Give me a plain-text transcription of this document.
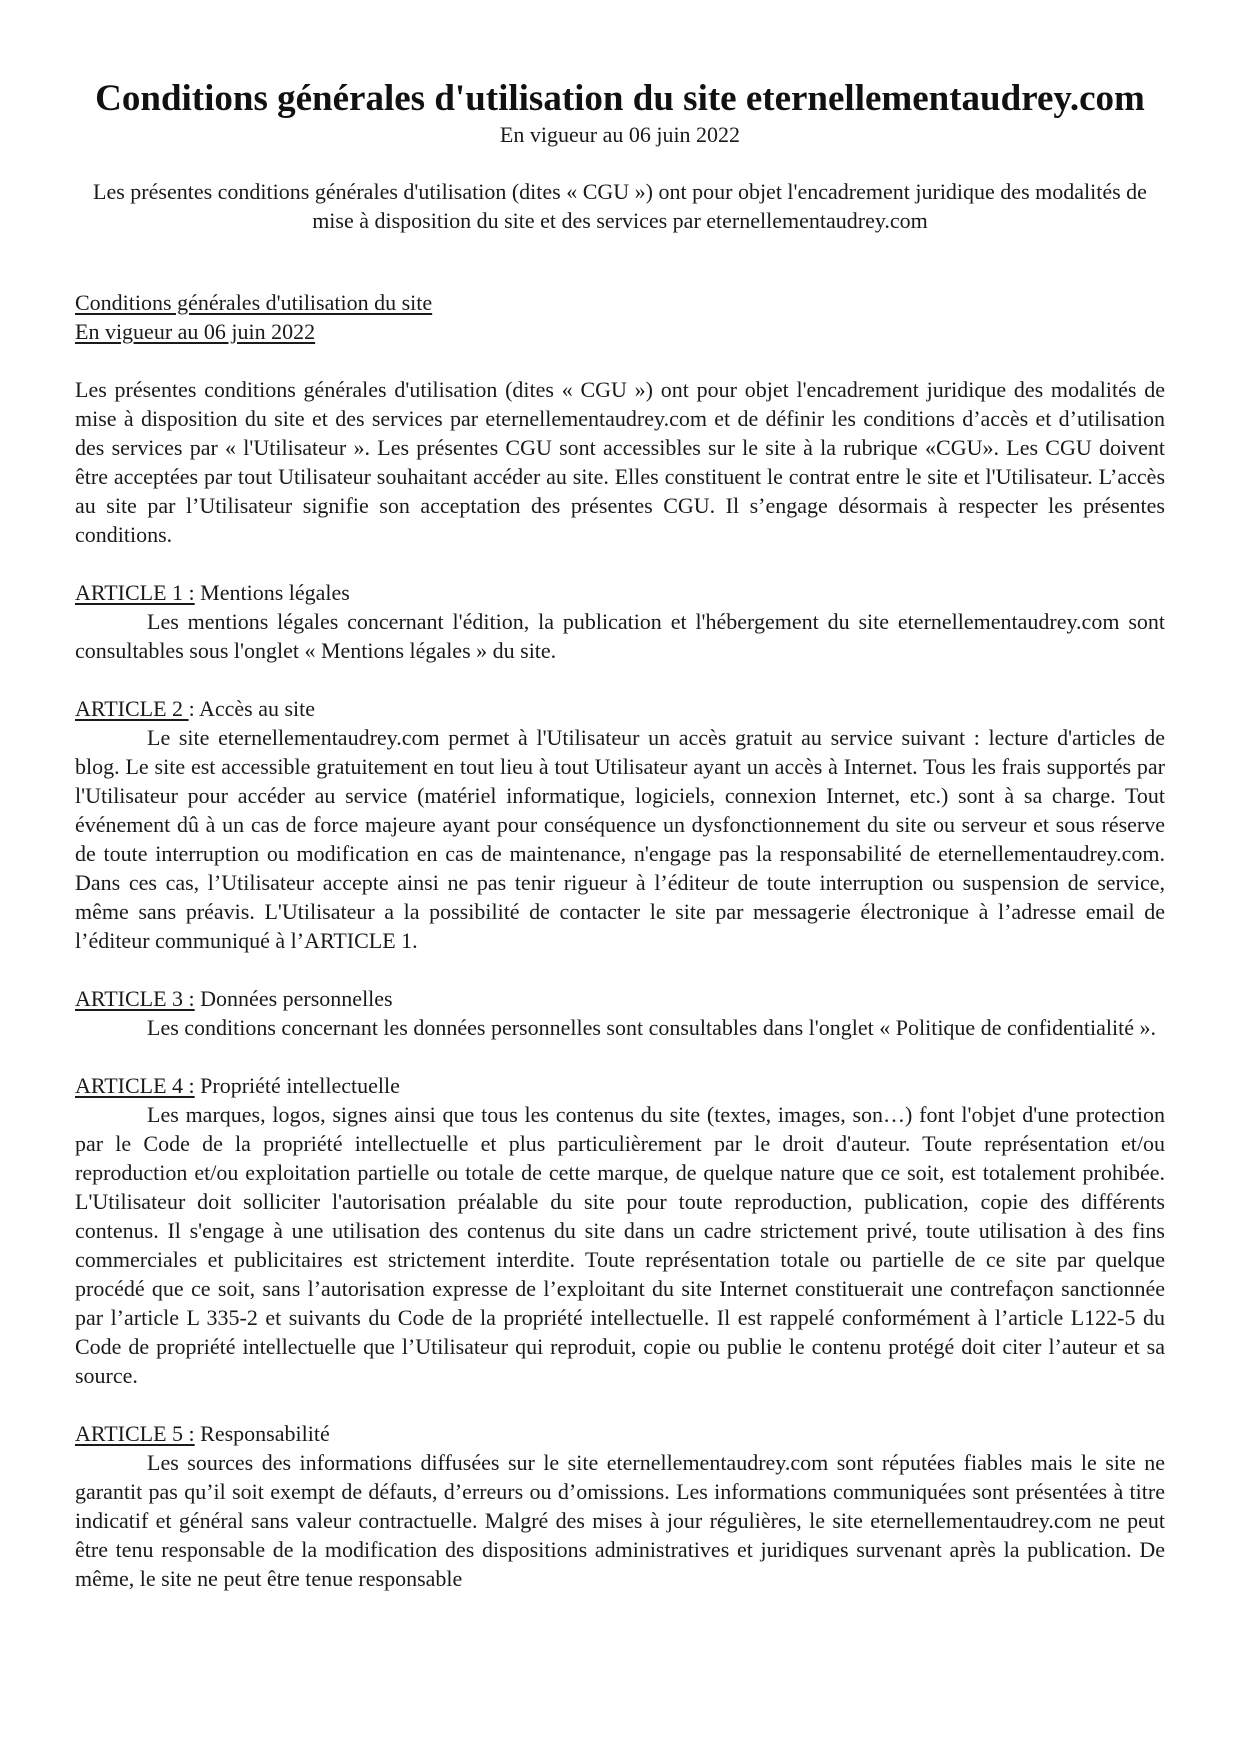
Conditions générales d'utilisation du site eternellementaudrey.com

En vigueur au 06 juin 2022

Les présentes conditions générales d'utilisation (dites « CGU ») ont pour objet l'encadrement juridique des modalités de mise à disposition du site et des services par eternellementaudrey.com

Conditions générales d'utilisation du site
En vigueur au 06 juin 2022

Les présentes conditions générales d'utilisation (dites « CGU ») ont pour objet l'encadrement juridique des modalités de mise à disposition du site et des services par eternellementaudrey.com et de définir les conditions d’accès et d’utilisation des services par « l'Utilisateur ». Les présentes CGU sont accessibles sur le site à la rubrique «CGU». Les CGU doivent être acceptées par tout Utilisateur souhaitant accéder au site. Elles constituent le contrat entre le site et l'Utilisateur. L’accès au site par l’Utilisateur signifie son acceptation des présentes CGU. Il s’engage désormais à respecter les présentes conditions.

ARTICLE 1 : Mentions légales
Les mentions légales concernant l'édition, la publication et l'hébergement du site eternellementaudrey.com sont consultables sous l'onglet « Mentions légales » du site.
ARTICLE 2 : Accès au site
Le site eternellementaudrey.com permet à l'Utilisateur un accès gratuit au service suivant : lecture d'articles de blog. Le site est accessible gratuitement en tout lieu à tout Utilisateur ayant un accès à Internet. Tous les frais supportés par l'Utilisateur pour accéder au service (matériel informatique, logiciels, connexion Internet, etc.) sont à sa charge. Tout événement dû à un cas de force majeure ayant pour conséquence un dysfonctionnement du site ou serveur et sous réserve de toute interruption ou modification en cas de maintenance, n'engage pas la responsabilité de eternellementaudrey.com. Dans ces cas, l’Utilisateur accepte ainsi ne pas tenir rigueur à l’éditeur de toute interruption ou suspension de service, même sans préavis. L'Utilisateur a la possibilité de contacter le site par messagerie électronique à l’adresse email de l’éditeur communiqué à l’ARTICLE 1.
ARTICLE 3 : Données personnelles
Les conditions concernant les données personnelles sont consultables dans l'onglet « Politique de confidentialité ».
ARTICLE 4 : Propriété intellectuelle
Les marques, logos, signes ainsi que tous les contenus du site (textes, images, son…) font l'objet d'une protection par le Code de la propriété intellectuelle et plus particulièrement par le droit d'auteur. Toute représentation et/ou reproduction et/ou exploitation partielle ou totale de cette marque, de quelque nature que ce soit, est totalement prohibée. L'Utilisateur doit solliciter l'autorisation préalable du site pour toute reproduction, publication, copie des différents contenus. Il s'engage à une utilisation des contenus du site dans un cadre strictement privé, toute utilisation à des fins commerciales et publicitaires est strictement interdite. Toute représentation totale ou partielle de ce site par quelque procédé que ce soit, sans l’autorisation expresse de l’exploitant du site Internet constituerait une contrefaçon sanctionnée par l’article L 335-2 et suivants du Code de la propriété intellectuelle. Il est rappelé conformément à l’article L122-5 du Code de propriété intellectuelle que l’Utilisateur qui reproduit, copie ou publie le contenu protégé doit citer l’auteur et sa source.
ARTICLE 5 : Responsabilité
Les sources des informations diffusées sur le site eternellementaudrey.com sont réputées fiables mais le site ne garantit pas qu’il soit exempt de défauts, d’erreurs ou d’omissions. Les informations communiquées sont présentées à titre indicatif et général sans valeur contractuelle. Malgré des mises à jour régulières, le site eternellementaudrey.com ne peut être tenu responsable de la modification des dispositions administratives et juridiques survenant après la publication. De même, le site ne peut être tenue responsable
